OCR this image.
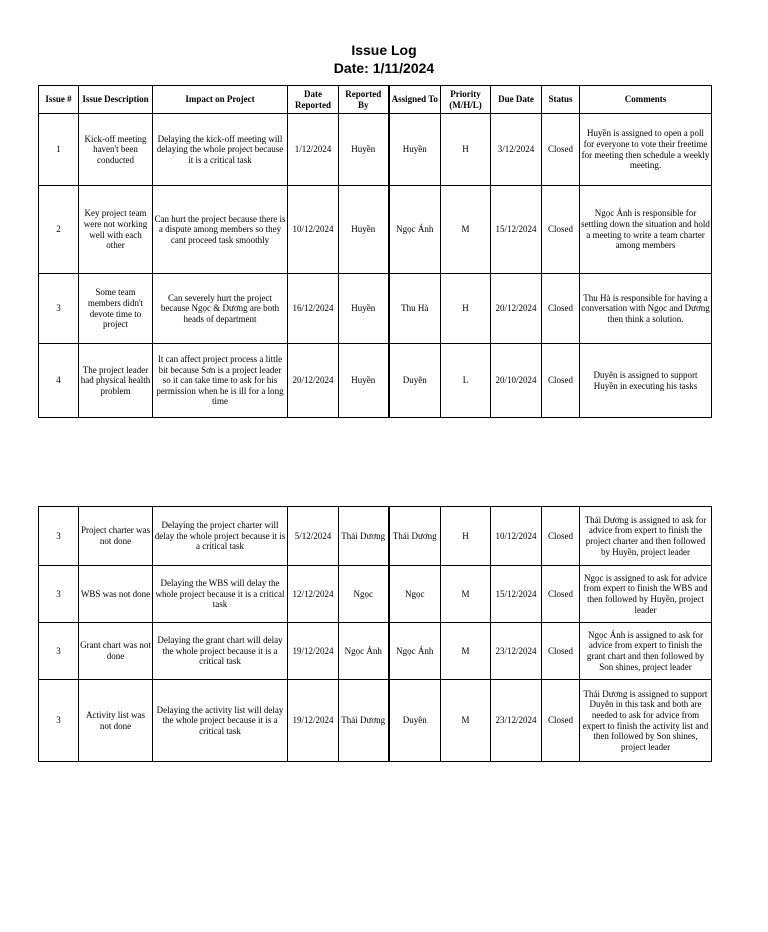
Issue Log
Date: 1/11/2024
Issue #	Issue Description	Impact on Project	Date Reported	Reported By	Assigned To	Priority (M/H/L)	Due Date	Status	Comments
1	Kick-off meeting haven't been conducted	Delaying the kick-off meeting will delaying the whole project because it is a critical task	1/12/2024	Huyền	Huyền	H	3/12/2024	Closed	Huyền is assigned to open a poll for everyone to vote their freetime for meeting then schedule a weekly meeting.
2	Key project team were not working well with each other	Can hurt the project because there is a dispute among members so they cant proceed task smoothly	10/12/2024	Huyền	Ngọc Ánh	M	15/12/2024	Closed	Ngọc Ánh is responsible for settling down the situation and hold a meeting to write a team charter among members
3	Some team members didn't devote time to project	Can severely hurt the project because Ngọc & Dương are both heads of department	16/12/2024	Huyền	Thu Hà	H	20/12/2024	Closed	Thu Hà is responsible for having a conversation with Ngọc and Dương then think a solution.
4	The project leader had physical health problem	It can affect project process a little bit because Sơn is a project leader so it can take time to ask for his permission when he is ill for a long time	20/12/2024	Huyền	Duyên	L	20/10/2024	Closed	Duyên is assigned to support Huyền in executing his tasks
3	Project charter was not done	Delaying the project charter will delay the whole project because it is a critical task	5/12/2024	Thái Dương	Thái Dương	H	10/12/2024	Closed	Thái Dương is assigned to ask for advice from expert to finish the project charter and then followed by Huyền, project leader
3	WBS was not done	Delaying the WBS will delay the whole project because it is a critical task	12/12/2024	Ngọc	Ngọc	M	15/12/2024	Closed	Ngọc is assigned to ask for advice from expert to finish the WBS and then followed by Huyền, project leader
3	Grant chart was not done	Delaying the grant chart will delay the whole project because it is a critical task	19/12/2024	Ngọc Ánh	Ngọc Ánh	M	23/12/2024	Closed	Ngọc Ánh is assigned to ask for advice from expert to finish the grant chart and then followed by Son shines, project leader
3	Activity list was not done	Delaying the activity list will delay the whole project because it is a critical task	19/12/2024	Thái Dương	Duyên	M	23/12/2024	Closed	Thái Dương is assigned to support Duyên in this task and both are needed to ask for advice from expert to finish the activity list and then followed by Son shines, project leader
